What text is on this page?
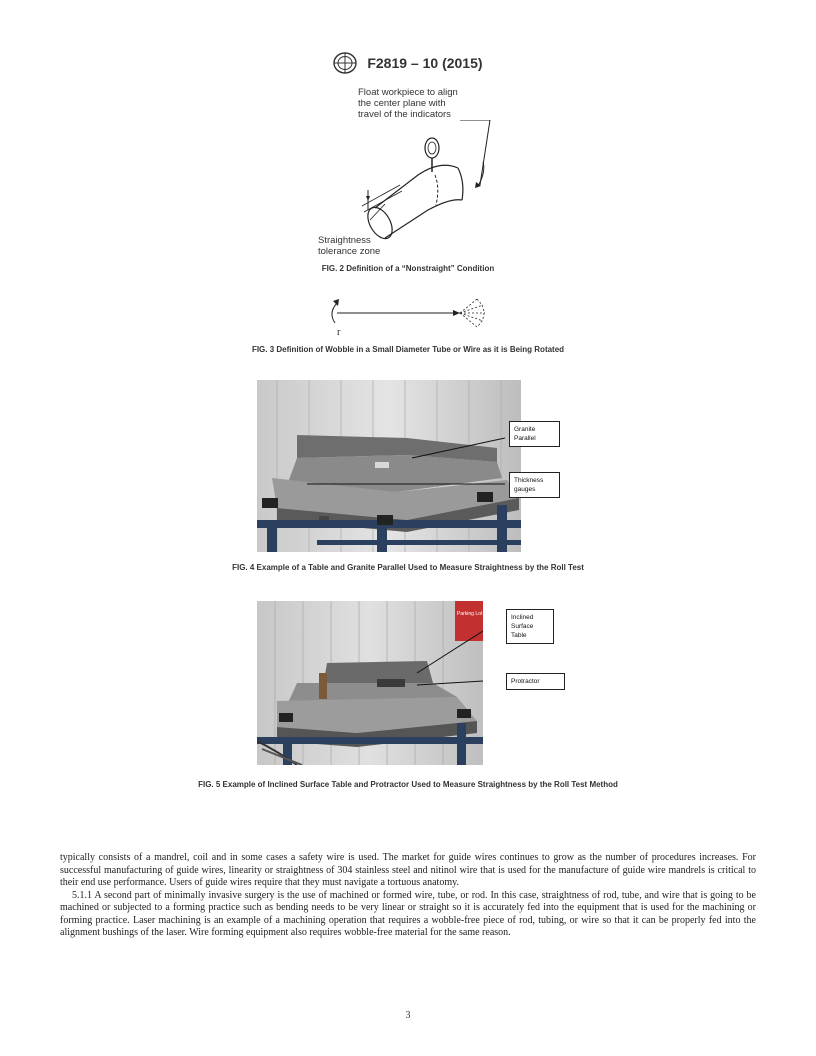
F2819 – 10 (2015)
Float workpiece to align
the center plane with
travel of the indicators
Straightness
tolerance zone
FIG. 2 Definition of a “Nonstraight” Condition
r
FIG. 3 Definition of Wobble in a Small Diameter Tube or Wire as it is Being Rotated
Granite
Parallel
Thickness
gauges
FIG. 4 Example of a Table and Granite Parallel Used to Measure Straightness by the Roll Test
Parking Lot	Inclined
Surface
Table
Protractor
FIG. 5 Example of Inclined Surface Table and Protractor Used to Measure Straightness by the Roll Test Method

typically consists of a mandrel, coil and in some cases a safety wire is used. The market for guide wires continues to grow as the number of procedures increases. For successful manufacturing of guide wires, linearity or straightness of 304 stainless steel and nitinol wire that is used for the manufacture of guide wire mandrels is critical to their end use performance. Users of guide wires require that they must navigate a tortuous anatomy.

5.1.1 A second part of minimally invasive surgery is the use of machined or formed wire, tube, or rod. In this case, straightness of rod, tube, and wire that is going to be machined or subjected to a forming practice such as bending needs to be very linear or straight so it is accurately fed into the equipment that is used for the machining or forming practice. Laser machining is an example of a machining operation that requires a wobble-free piece of rod, tubing, or wire so that it can be properly fed into the alignment bushings of the laser. Wire forming equipment also requires wobble-free material for the same reason.

3
